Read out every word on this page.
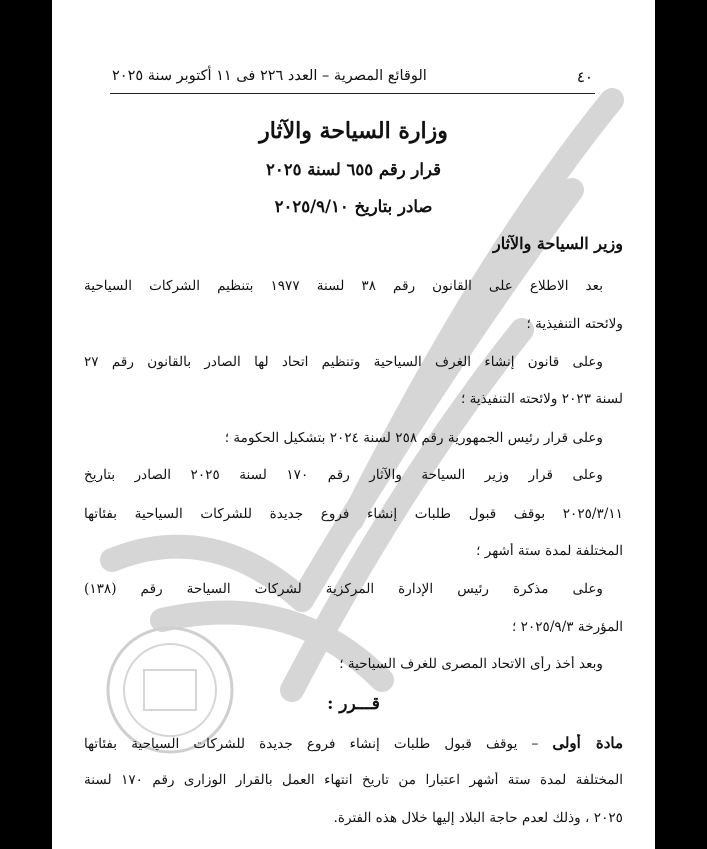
٤٠
الوقائع المصرية – العدد ٢٢٦ فى ١١ أكتوبر سنة ٢٠٢٥
وزارة السياحة والآثار
قرار رقم ٦٥٥ لسنة ٢٠٢٥
صادر بتاريخ ٢٠٢٥/٩/١٠
وزير السياحة والآثار
بعد الاطلاع على القانون رقم ٣٨ لسنة ١٩٧٧ بتنظيم الشركات السياحية
ولائحته التنفيذية ؛
وعلى قانون إنشاء الغرف السياحية وتنظيم اتحاد لها الصادر بالقانون رقم ٢٧
لسنة ٢٠٢٣ ولائحته التنفيذية ؛
وعلى قرار رئيس الجمهورية رقم ٢٥٨ لسنة ٢٠٢٤ بتشكيل الحكومة ؛
وعلى قرار وزير السياحة والآثار رقم ١٧٠ لسنة ٢٠٢٥ الصادر بتاريخ
٢٠٢٥/٣/١١ بوقف قبول طلبات إنشاء فروع جديدة للشركات السياحية بفئاتها
المختلفة لمدة ستة أشهر ؛
وعلى مذكرة رئيس الإدارة المركزية لشركات السياحة رقم (١٣٨)
المؤرخة ٢٠٢٥/٩/٣ ؛
وبعد أخذ رأى الاتحاد المصرى للغرف السياحية ؛
قـــرر :
مادة أولى – يوقف قبول طلبات إنشاء فروع جديدة للشركات السياحية بفئاتها
المختلفة لمدة ستة أشهر اعتبارا من تاريخ انتهاء العمل بالقرار الوزارى رقم ١٧٠ لسنة
٢٠٢٥ ، وذلك لعدم حاجة البلاد إليها خلال هذه الفترة.
